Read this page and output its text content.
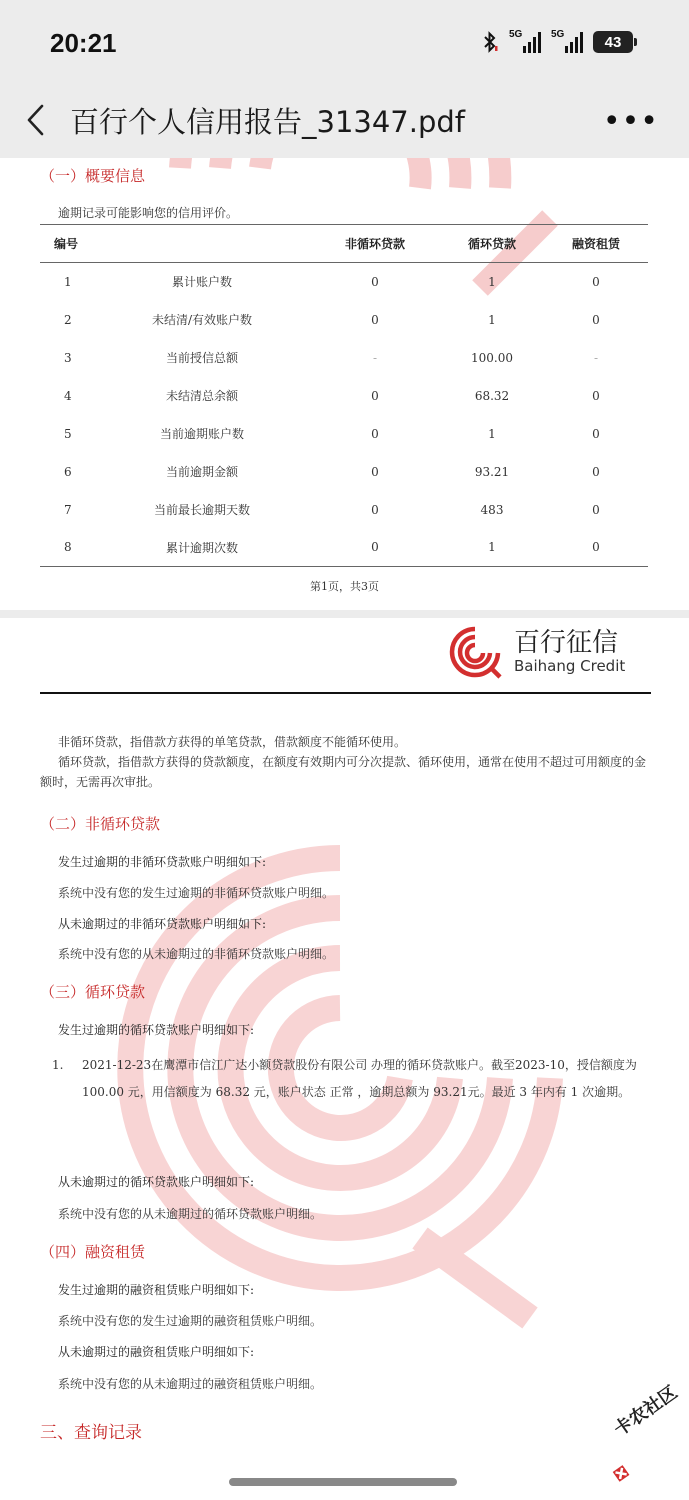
20:21	5G	5G	43
百行个人信用报告_31347.pdf	•••
（一）概要信息
逾期记录可能影响您的信用评价。
编号		非循环贷款	循环贷款	融资租赁
1	累计账户数	0	1	0
2	未结清/有效账户数	0	1	0
3	当前授信总额	-	100.00	-
4	未结清总余额	0	68.32	0
5	当前逾期账户数	0	1	0
6	当前逾期金额	0	93.21	0
7	当前最长逾期天数	0	483	0
8	累计逾期次数	0	1	0
第1页，共3页
百行征信
Baihang Credit
非循环贷款，指借款方获得的单笔贷款，借款额度不能循环使用。
循环贷款，指借款方获得的贷款额度，在额度有效期内可分次提款、循环使用，通常在使用不超过可用额度的金额时，无需再次审批。
（二）非循环贷款
发生过逾期的非循环贷款账户明细如下:
系统中没有您的发生过逾期的非循环贷款账户明细。
从未逾期过的非循环贷款账户明细如下:
系统中没有您的从未逾期过的非循环贷款账户明细。
（三）循环贷款
发生过逾期的循环贷款账户明细如下:
1. 2021-12-23在鹰潭市信江广达小额贷款股份有限公司 办理的循环贷款账户。截至2023-10，授信额度为 100.00 元，用信额度为 68.32 元，账户状态 正常 ，逾期总额为 93.21元。最近 3 年内有 1 次逾期。
从未逾期过的循环贷款账户明细如下:
系统中没有您的从未逾期过的循环贷款账户明细。
（四）融资租赁
发生过逾期的融资租赁账户明细如下:
系统中没有您的发生过逾期的融资租赁账户明细。
从未逾期过的融资租赁账户明细如下:
系统中没有您的从未逾期过的融资租赁账户明细。
三、查询记录	卡农社区
